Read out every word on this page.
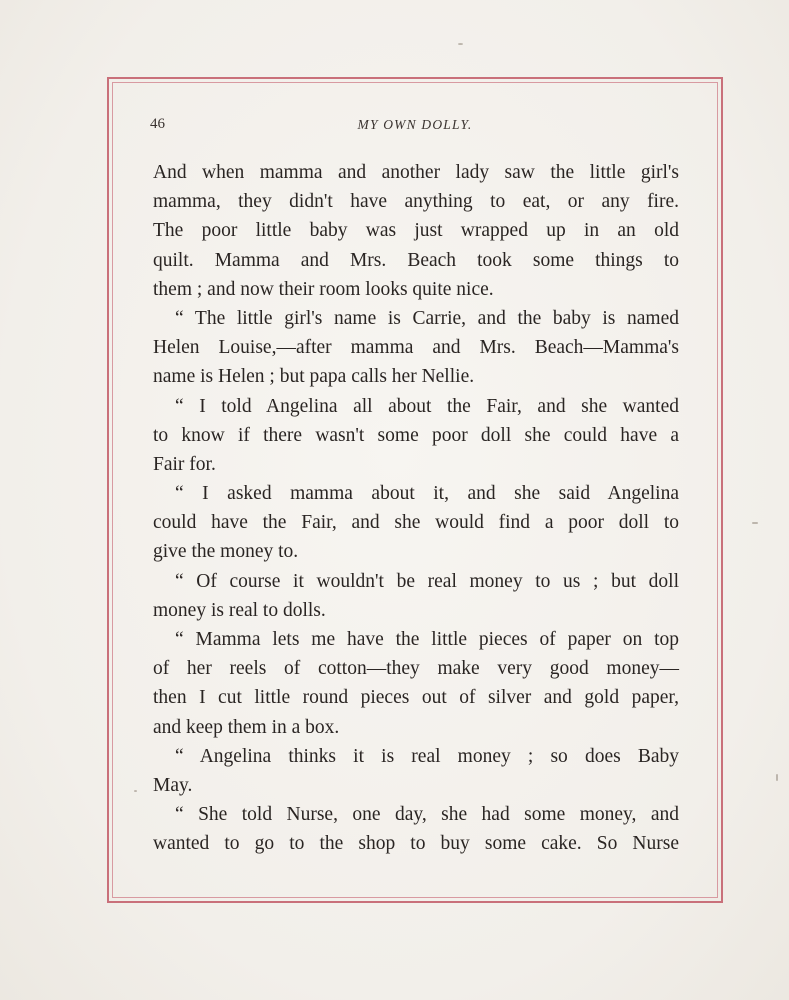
46	MY OWN DOLLY.
And when mamma and another lady saw the little girl's
mamma, they didn't have anything to eat, or any fire.
The poor little baby was just wrapped up in an old
quilt. Mamma and Mrs. Beach took some things to
them ; and now their room looks quite nice.
“ The little girl's name is Carrie, and the baby is named
Helen Louise,—after mamma and Mrs. Beach—Mamma's
name is Helen ; but papa calls her Nellie.
“ I told Angelina all about the Fair, and she wanted
to know if there wasn't some poor doll she could have a
Fair for.
“ I asked mamma about it, and she said Angelina
could have the Fair, and she would find a poor doll to
give the money to.
“ Of course it wouldn't be real money to us ; but doll
money is real to dolls.
“ Mamma lets me have the little pieces of paper on top
of her reels of cotton—they make very good money—
then I cut little round pieces out of silver and gold paper,
and keep them in a box.
“ Angelina thinks it is real money ; so does Baby
May.
“ She told Nurse, one day, she had some money, and
wanted to go to the shop to buy some cake. So Nurse
